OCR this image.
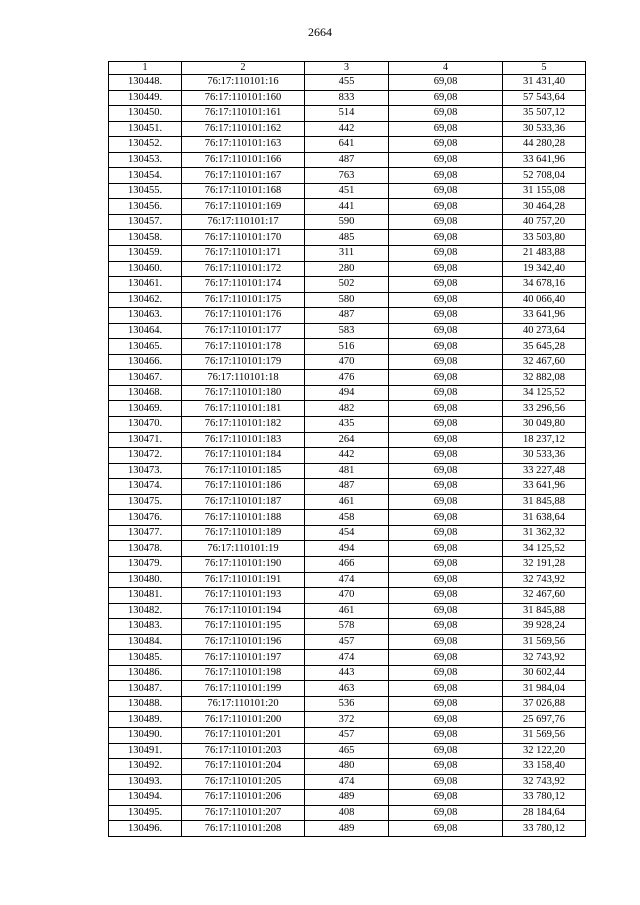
2664
1	2	3	4	5
130448.	76:17:110101:16	455	69,08	31 431,40
130449.	76:17:110101:160	833	69,08	57 543,64
130450.	76:17:110101:161	514	69,08	35 507,12
130451.	76:17:110101:162	442	69,08	30 533,36
130452.	76:17:110101:163	641	69,08	44 280,28
130453.	76:17:110101:166	487	69,08	33 641,96
130454.	76:17:110101:167	763	69,08	52 708,04
130455.	76:17:110101:168	451	69,08	31 155,08
130456.	76:17:110101:169	441	69,08	30 464,28
130457.	76:17:110101:17	590	69,08	40 757,20
130458.	76:17:110101:170	485	69,08	33 503,80
130459.	76:17:110101:171	311	69,08	21 483,88
130460.	76:17:110101:172	280	69,08	19 342,40
130461.	76:17:110101:174	502	69,08	34 678,16
130462.	76:17:110101:175	580	69,08	40 066,40
130463.	76:17:110101:176	487	69,08	33 641,96
130464.	76:17:110101:177	583	69,08	40 273,64
130465.	76:17:110101:178	516	69,08	35 645,28
130466.	76:17:110101:179	470	69,08	32 467,60
130467.	76:17:110101:18	476	69,08	32 882,08
130468.	76:17:110101:180	494	69,08	34 125,52
130469.	76:17:110101:181	482	69,08	33 296,56
130470.	76:17:110101:182	435	69,08	30 049,80
130471.	76:17:110101:183	264	69,08	18 237,12
130472.	76:17:110101:184	442	69,08	30 533,36
130473.	76:17:110101:185	481	69,08	33 227,48
130474.	76:17:110101:186	487	69,08	33 641,96
130475.	76:17:110101:187	461	69,08	31 845,88
130476.	76:17:110101:188	458	69,08	31 638,64
130477.	76:17:110101:189	454	69,08	31 362,32
130478.	76:17:110101:19	494	69,08	34 125,52
130479.	76:17:110101:190	466	69,08	32 191,28
130480.	76:17:110101:191	474	69,08	32 743,92
130481.	76:17:110101:193	470	69,08	32 467,60
130482.	76:17:110101:194	461	69,08	31 845,88
130483.	76:17:110101:195	578	69,08	39 928,24
130484.	76:17:110101:196	457	69,08	31 569,56
130485.	76:17:110101:197	474	69,08	32 743,92
130486.	76:17:110101:198	443	69,08	30 602,44
130487.	76:17:110101:199	463	69,08	31 984,04
130488.	76:17:110101:20	536	69,08	37 026,88
130489.	76:17:110101:200	372	69,08	25 697,76
130490.	76:17:110101:201	457	69,08	31 569,56
130491.	76:17:110101:203	465	69,08	32 122,20
130492.	76:17:110101:204	480	69,08	33 158,40
130493.	76:17:110101:205	474	69,08	32 743,92
130494.	76:17:110101:206	489	69,08	33 780,12
130495.	76:17:110101:207	408	69,08	28 184,64
130496.	76:17:110101:208	489	69,08	33 780,12
